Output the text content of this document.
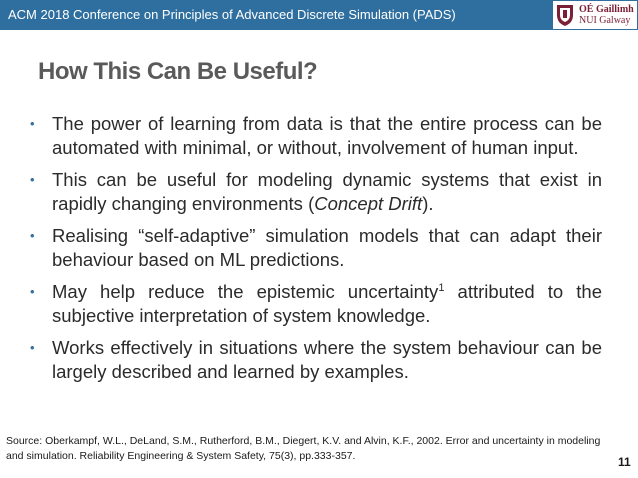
ACM 2018 Conference on Principles of Advanced Discrete Simulation (PADS)	OÉ Gaillimh
NUI Galway
How This Can Be Useful?
• The power of learning from data is that the entire process can be automated with minimal, or without, involvement of human input.
• This can be useful for modeling dynamic systems that exist in rapidly changing environments (Concept Drift).
• Realising “self-adaptive” simulation models that can adapt their behaviour based on ML predictions.
• May help reduce the epistemic uncertainty$^1$ attributed to the subjective interpretation of system knowledge.
• Works effectively in situations where the system behaviour can be largely described and learned by examples.
Source: Oberkampf, W.L., DeLand, S.M., Rutherford, B.M., Diegert, K.V. and Alvin, K.F., 2002. Error and uncertainty in modeling and simulation. Reliability Engineering & System Safety, 75(3), pp.333-357.	11
